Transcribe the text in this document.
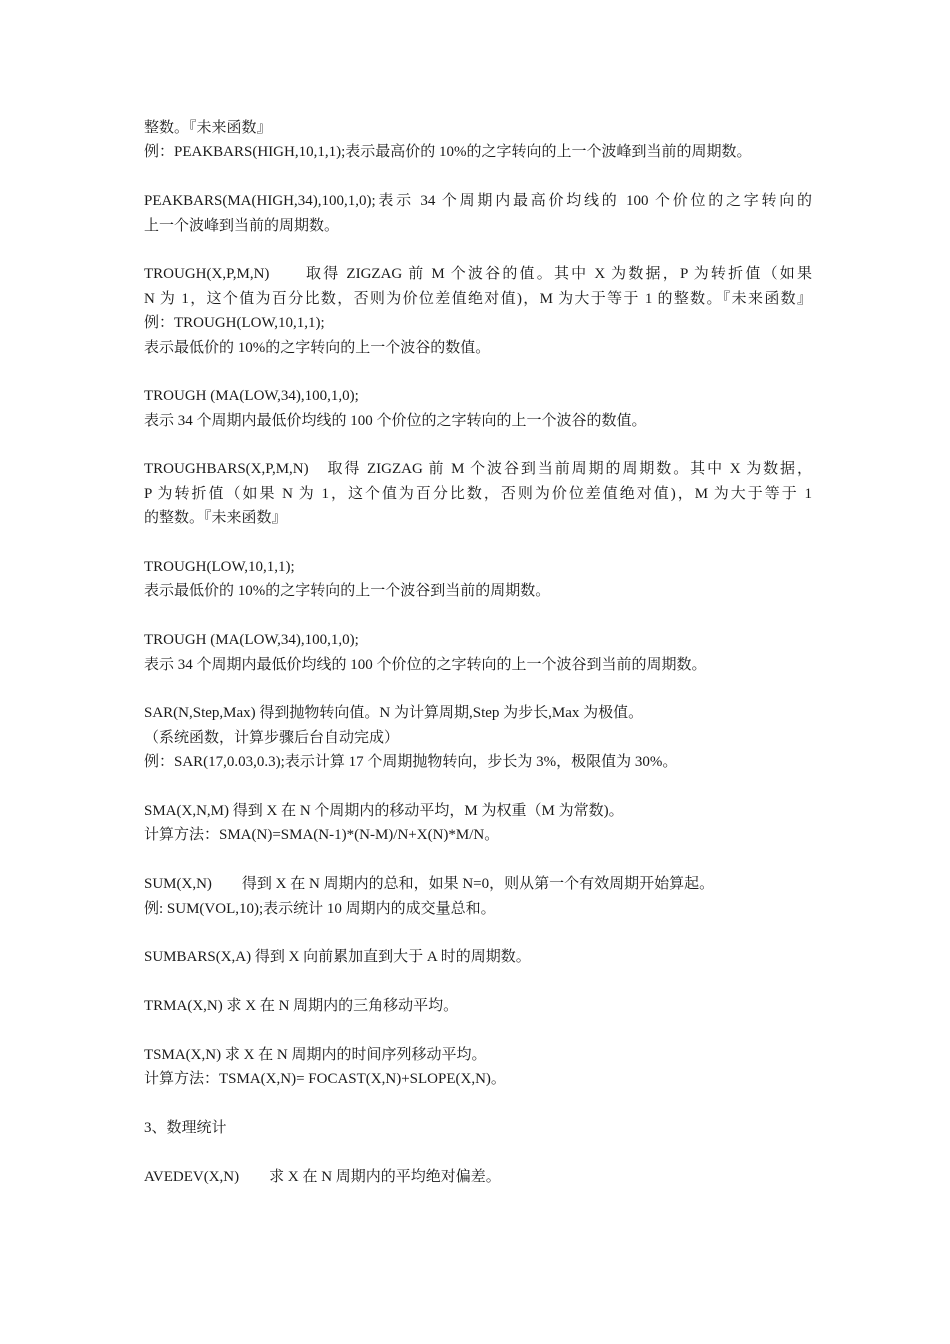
整数。『未来函数』
例：PEAKBARS(HIGH,10,1,1);表示最高价的 10%的之字转向的上一个波峰到当前的周期数。
PEAKBARS(MA(HIGH,34),100,1,0);表示 34 个周期内最高价均线的 100 个价位的之字转向的
上一个波峰到当前的周期数。
TROUGH(X,P,M,N)　　取得 ZIGZAG 前 M 个波谷的值。其中 X 为数据，P 为转折值（如果
N 为 1，这个值为百分比数，否则为价位差值绝对值)，M 为大于等于 1 的整数。『未来函数』
例：TROUGH(LOW,10,1,1);
表示最低价的 10%的之字转向的上一个波谷的数值。
TROUGH (MA(LOW,34),100,1,0);
表示 34 个周期内最低价均线的 100 个价位的之字转向的上一个波谷的数值。
TROUGHBARS(X,P,M,N)　取得 ZIGZAG 前 M 个波谷到当前周期的周期数。其中 X 为数据，
P 为转折值（如果 N 为 1，这个值为百分比数，否则为价位差值绝对值)，M 为大于等于 1
的整数。『未来函数』
TROUGH(LOW,10,1,1);
表示最低价的 10%的之字转向的上一个波谷到当前的周期数。
TROUGH (MA(LOW,34),100,1,0);
表示 34 个周期内最低价均线的 100 个价位的之字转向的上一个波谷到当前的周期数。
SAR(N,Step,Max) 得到抛物转向值。N 为计算周期,Step 为步长,Max 为极值。
（系统函数，计算步骤后台自动完成）
例：SAR(17,0.03,0.3);表示计算 17 个周期抛物转向，步长为 3%，极限值为 30%。
SMA(X,N,M) 得到 X 在 N 个周期内的移动平均，M 为权重（M 为常数)。
计算方法：SMA(N)=SMA(N-1)*(N-M)/N+X(N)*M/N。
SUM(X,N)　　得到 X 在 N 周期内的总和，如果 N=0，则从第一个有效周期开始算起。
例: SUM(VOL,10);表示统计 10 周期内的成交量总和。
SUMBARS(X,A) 得到 X 向前累加直到大于 A 时的周期数。
TRMA(X,N) 求 X 在 N 周期内的三角移动平均。
TSMA(X,N) 求 X 在 N 周期内的时间序列移动平均。
计算方法：TSMA(X,N)= FOCAST(X,N)+SLOPE(X,N)。
3、数理统计
AVEDEV(X,N)　　求 X 在 N 周期内的平均绝对偏差。
